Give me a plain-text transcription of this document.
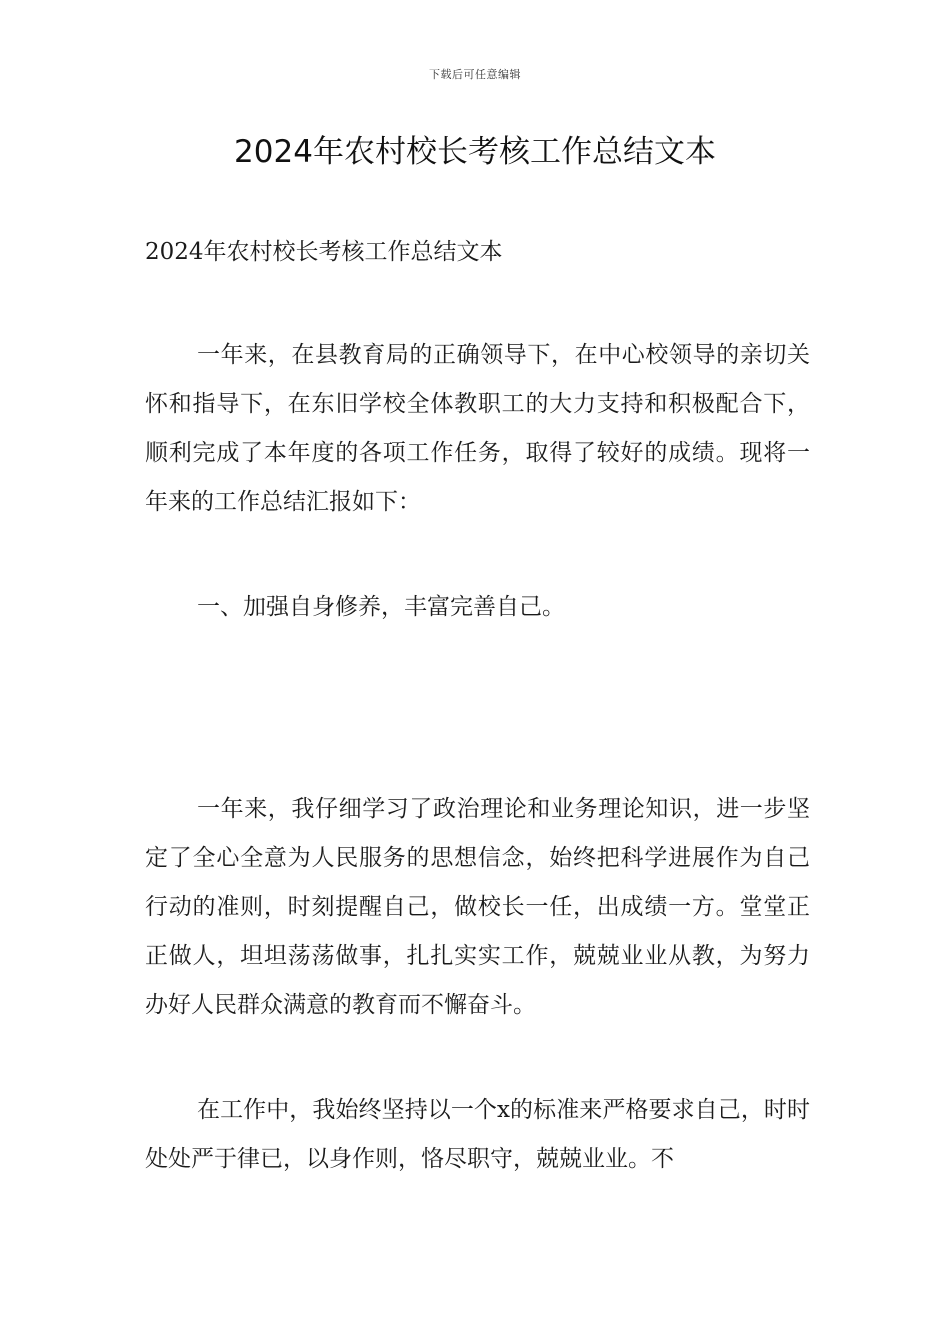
下载后可任意编辑
2024年农村校长考核工作总结文本

2024年农村校长考核工作总结文本

一年来，在县教育局的正确领导下，在中心校领导的亲切关怀和指导下，在东旧学校全体教职工的大力支持和积极配合下，顺利完成了本年度的各项工作任务，取得了较好的成绩。现将一年来的工作总结汇报如下：

一、加强自身修养，丰富完善自己。

一年来，我仔细学习了政治理论和业务理论知识，进一步坚定了全心全意为人民服务的思想信念，始终把科学进展作为自己行动的准则，时刻提醒自己，做校长一任，出成绩一方。堂堂正正做人，坦坦荡荡做事，扎扎实实工作，兢兢业业从教，为努力办好人民群众满意的教育而不懈奋斗。

在工作中，我始终坚持以一个x的标准来严格要求自己，时时处处严于律已，以身作则，恪尽职守，兢兢业业。不
